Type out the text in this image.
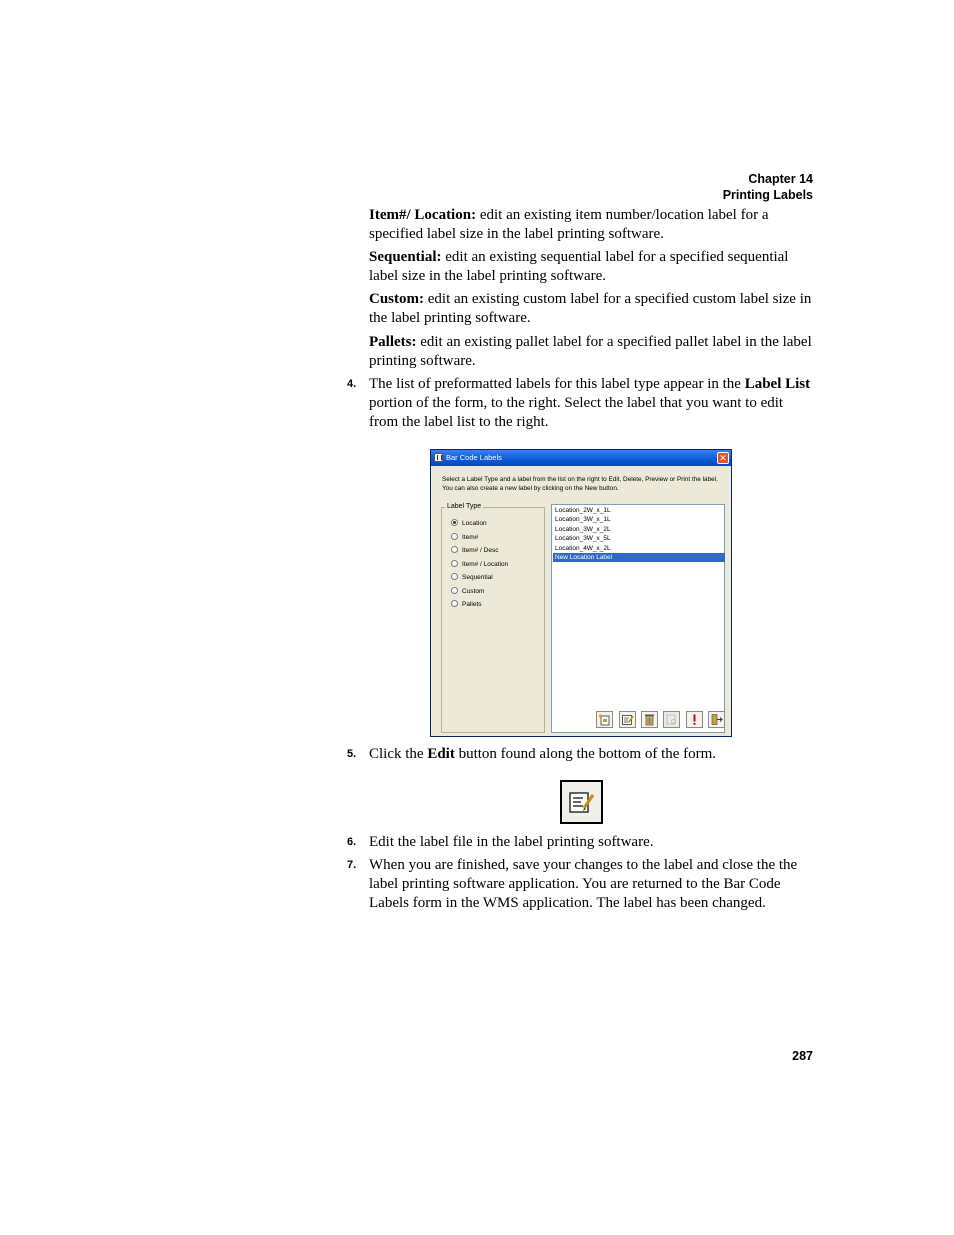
Chapter 14
Printing Labels
Item#/ Location: edit an existing item number/location label for a specified label size in the label printing software.
Sequential: edit an existing sequential label for a specified sequential label size in the label printing software.
Custom: edit an existing custom label for a specified custom label size in the label printing software.
Pallets: edit an existing pallet label for a specified pallet label in the label printing software.
4. The list of preformatted labels for this label type appear in the Label List portion of the form, to the right. Select the label that you want to edit from the label list to the right.
Bar Code Labels	✕
Select a Label Type and a label from the list on the right to Edit, Delete, Preview or Print the label. You can also create a new label by clicking on the New button.
Label Type
Location
Item#
Item# / Desc
Item# / Location
Sequential
Custom
Pallets
Location_2W_x_1L
Location_3W_x_1L
Location_3W_x_2L
Location_3W_x_5L
Location_4W_x_2L
New Location Label
5. Click the Edit button found along the bottom of the form.
6. Edit the label file in the label printing software.
7. When you are finished, save your changes to the label and close the the label printing software application. You are returned to the Bar Code Labels form in the WMS application. The label has been changed.
287
